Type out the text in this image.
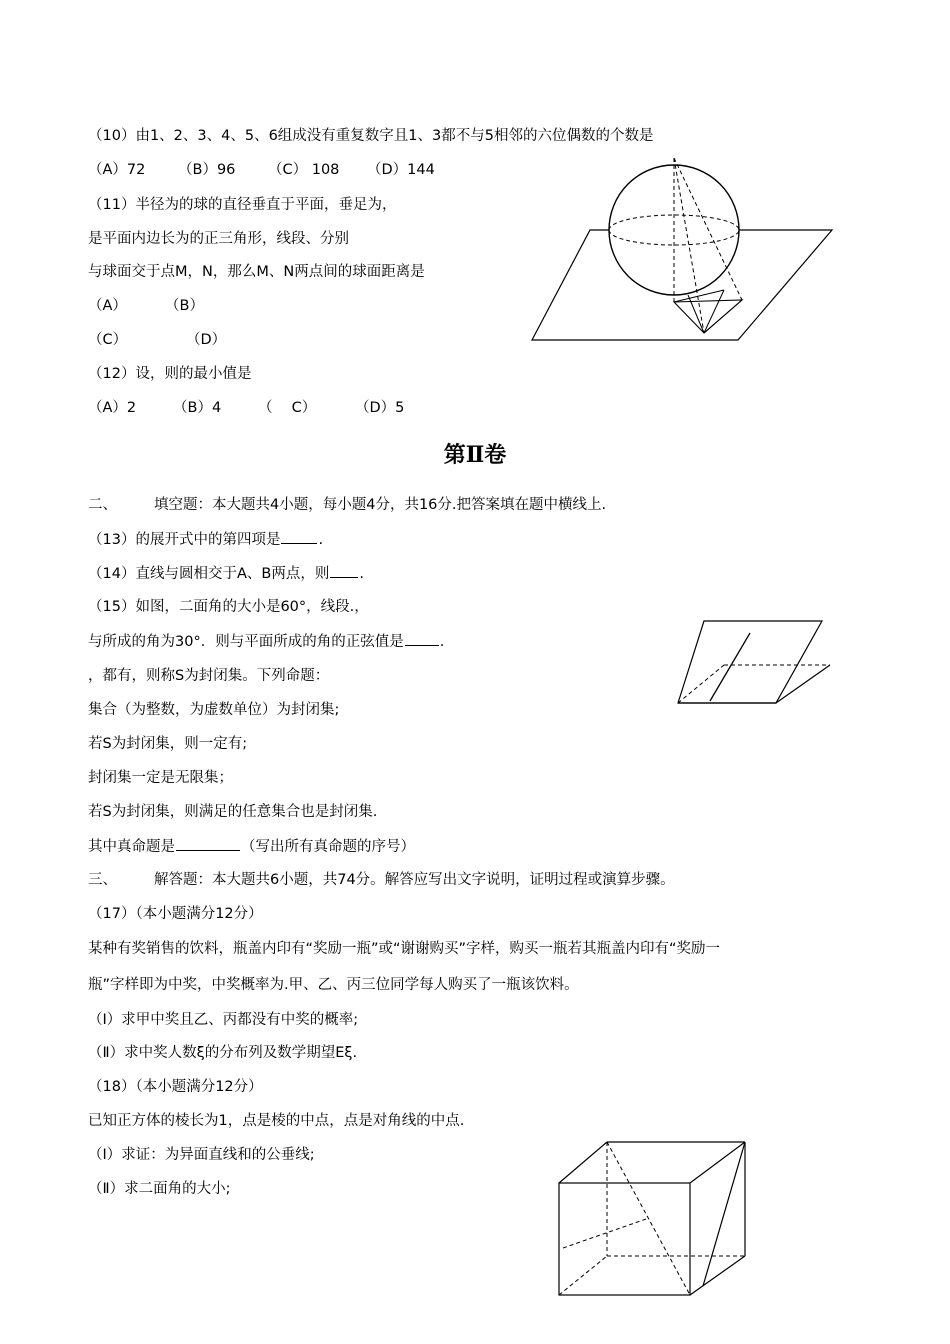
（10）由1、2、3、4、5、6组成没有重复数字且1、3都不与5相邻的六位偶数的个数是
（A）72 （B）96 （C） 108 （D）144
（11）半径为的球的直径垂直于平面，垂足为，
是平面内边长为的正三角形，线段、分别
与球面交于点M，N，那么M、N两点间的球面距离是
（A）	（B）
（C）	（D）
（12）设，则的最小值是
（A）2	（B）4	（　 C）	（D）5
第Ⅱ卷
二、	填空题：本大题共4小题，每小题4分，共16分.把答案填在题中横线上.
（13）的展开式中的第四项是	.
（14）直线与圆相交于A、B两点，则 .
（15）如图，二面角的大小是60°，线段.，
与所成的角为30°．则与平面所成的角的正弦值是 .
，都有，则称S为封闭集。下列命题：
集合（为整数，为虚数单位）为封闭集;
若S为封闭集，则一定有;
封闭集一定是无限集；
若S为封闭集，则满足的任意集合也是封闭集.
其中真命题是	（写出所有真命题的序号）
三、	解答题：本大题共6小题，共74分。解答应写出文字说明，证明过程或演算步骤。
（17）（本小题满分12分）
某种有奖销售的饮料，瓶盖内印有“奖励一瓶”或“谢谢购买”字样，购买一瓶若其瓶盖内印有“奖励一
瓶”字样即为中奖，中奖概率为.甲、乙、丙三位同学每人购买了一瓶该饮料。
（Ⅰ）求甲中奖且乙、丙都没有中奖的概率;
（Ⅱ）求中奖人数ξ的分布列及数学期望Eξ.
（18）（本小题满分12分）
已知正方体的棱长为1，点是棱的中点，点是对角线的中点.
（Ⅰ）求证：为异面直线和的公垂线;
（Ⅱ）求二面角的大小;
